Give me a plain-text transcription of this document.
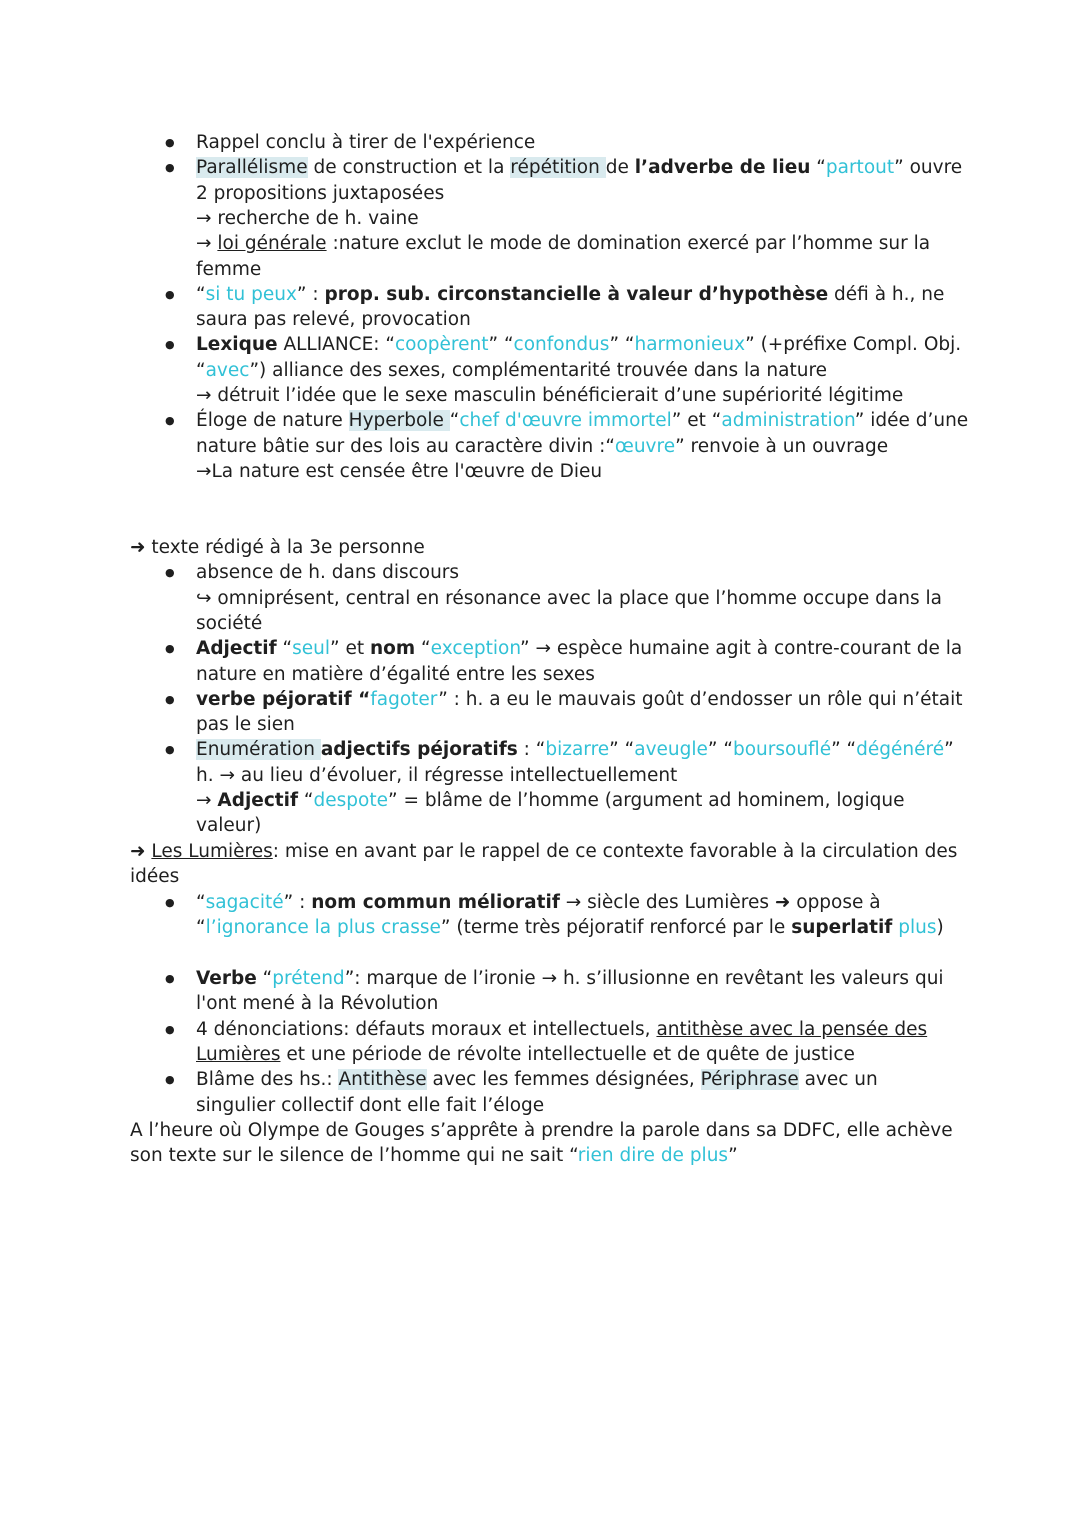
● Rappel conclu à tirer de l'expérience
● Parallélisme de construction et la répétition de l’adverbe de lieu “partout” ouvre
2 propositions juxtaposées
→ recherche de h. vaine
→ loi générale :nature exclut le mode de domination exercé par l’homme sur la
femme
● “si tu peux” : prop. sub. circonstancielle à valeur d’hypothèse défi à h., ne
saura pas relevé, provocation
● Lexique ALLIANCE: “coopèrent” “confondus” “harmonieux” (+préfixe Compl. Obj.
“avec”) alliance des sexes, complémentarité trouvée dans la nature
→ détruit l’idée que le sexe masculin bénéficierait d’une supériorité légitime
● Éloge de nature Hyperbole “chef d'œuvre immortel” et “administration” idée d’une
nature bâtie sur des lois au caractère divin :“œuvre” renvoie à un ouvrage
→La nature est censée être l'œuvre de Dieu
➜ texte rédigé à la 3e personne
● absence de h. dans discours
↪ omniprésent, central en résonance avec la place que l’homme occupe dans la
société
● Adjectif “seul” et nom “exception” → espèce humaine agit à contre-courant de la
nature en matière d’égalité entre les sexes
● verbe péjoratif “fagoter” : h. a eu le mauvais goût d’endosser un rôle qui n’était
pas le sien
● Enumération adjectifs péjoratifs : “bizarre” “aveugle” “boursouflé” “dégénéré”
h. → au lieu d’évoluer, il régresse intellectuellement
→ Adjectif “despote” = blâme de l’homme (argument ad hominem, logique
valeur)
➜ Les Lumières: mise en avant par le rappel de ce contexte favorable à la circulation des
idées
● “sagacité” : nom commun mélioratif → siècle des Lumières ➜ oppose à
“l’ignorance la plus crasse” (terme très péjoratif renforcé par le superlatif plus)
● Verbe “prétend”: marque de l’ironie → h. s’illusionne en revêtant les valeurs qui
l'ont mené à la Révolution
● 4 dénonciations: défauts moraux et intellectuels, antithèse avec la pensée des
Lumières et une période de révolte intellectuelle et de quête de justice
● Blâme des hs.: Antithèse avec les femmes désignées, Périphrase avec un
singulier collectif dont elle fait l’éloge
A l’heure où Olympe de Gouges s’apprête à prendre la parole dans sa DDFC, elle achève
son texte sur le silence de l’homme qui ne sait “rien dire de plus”
